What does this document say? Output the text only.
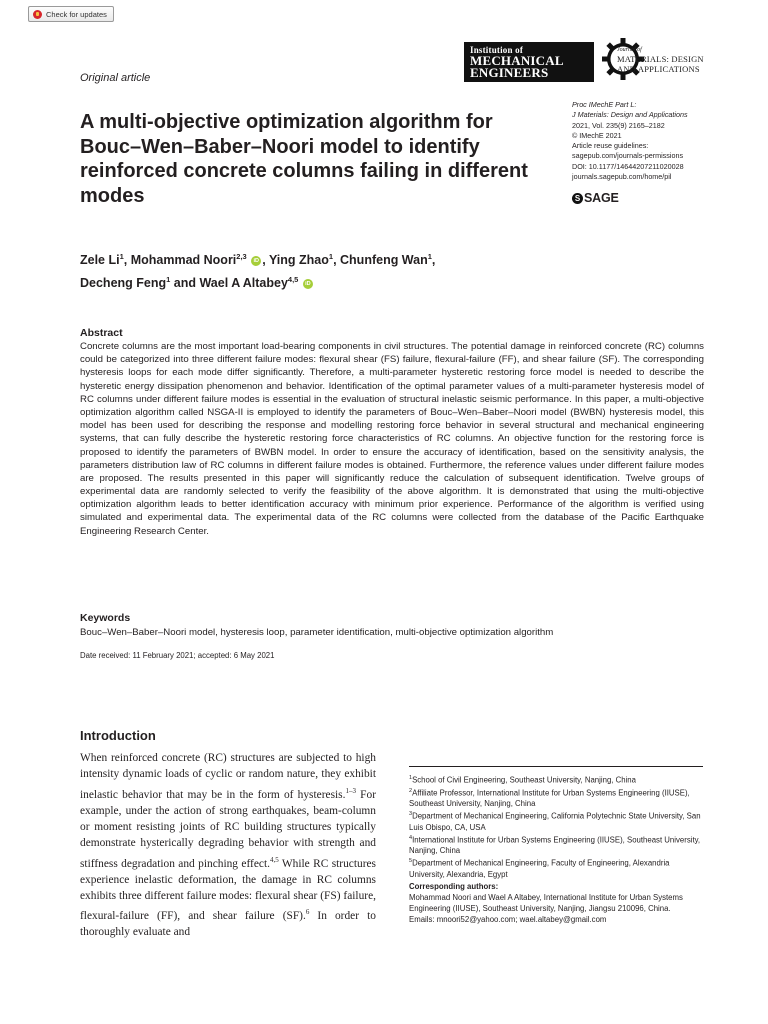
Check for updates
Institution of
MECHANICAL
ENGINEERS
Journal of
MATERIALS: DESIGN
AND APPLICATIONS
Original article
A multi-objective optimization algorithm for Bouc–Wen–Baber–Noori model to identify reinforced concrete columns failing in different modes
Proc IMechE Part L:
J Materials: Design and Applications
2021, Vol. 235(9) 2165–2182
© IMechE 2021
Article reuse guidelines:
sagepub.com/journals-permissions
DOI: 10.1177/14644207211020028
journals.sagepub.com/home/pil
S SAGE
Zele Li$^1$, Mohammad Noori$^{2,3}$ iD , Ying Zhao$^1$, Chunfeng Wan$^1$,
Decheng Feng$^1$ and Wael A Altabey$^{4,5}$ iD
Abstract
Concrete columns are the most important load-bearing components in civil structures. The potential damage in reinforced concrete (RC) columns could be categorized into three different failure modes: flexural shear (FS) failure, flexural-failure (FF), and shear failure (SF). The corresponding hysteresis loops for each mode differ significantly. Therefore, a multi-parameter hysteretic restoring force model is needed to describe the hysteretic energy dissipation phenomenon and behavior. Identification of the optimal parameter values of a multi-parameter hysteresis model of RC columns under different failure modes is essential in the evaluation of structural inelastic seismic performance. In this paper, a multi-objective optimization algorithm called NSGA-II is employed to identify the parameters of Bouc–Wen–Baber–Noori model (BWBN) hysteresis model, this model has been used for describing the response and modelling restoring force behavior in several structural and mechanical engineering systems, that can fully describe the hysteretic restoring force characteristics of RC columns. An objective function for the restoring force is proposed to identify the parameters of BWBN model. In order to ensure the accuracy of identification, based on the sensitivity analysis, the parameters distribution law of RC columns in different failure modes is obtained. Furthermore, the reference values under different failure modes are proposed. The results presented in this paper will significantly reduce the calculation of subsequent identification. Twelve groups of experimental data are randomly selected to verify the feasibility of the above algorithm. It is demonstrated that using the multi-objective optimization algorithm leads to better identification accuracy with minimum prior experience. Performance of the algorithm is verified using simulated and experimental data. The experimental data of the RC columns were collected from the database of the Pacific Earthquake Engineering Research Center.
Keywords
Bouc–Wen–Baber–Noori model, hysteresis loop, parameter identification, multi-objective optimization algorithm
Date received: 11 February 2021; accepted: 6 May 2021
Introduction
When reinforced concrete (RC) structures are subjected to high intensity dynamic loads of cyclic or random nature, they exhibit inelastic behavior that may be in the form of hysteresis.$^{1-3}$ For example, under the action of strong earthquakes, beam-column or moment resisting joints of RC building structures typically demonstrate hysterically degrading behavior with strength and stiffness degradation and pinching effect.$^{4,5}$ While RC structures experience inelastic deformation, the damage in RC columns exhibits three different failure modes: flexural shear (FS) failure, flexural-failure (FF), and shear failure (SF).$^6$ In order to thoroughly evaluate and
$^1$School of Civil Engineering, Southeast University, Nanjing, China
$^2$Affiliate Professor, International Institute for Urban Systems Engineering (IIUSE), Southeast University, Nanjing, China
$^3$Department of Mechanical Engineering, California Polytechnic State University, San Luis Obispo, CA, USA
$^4$International Institute for Urban Systems Engineering (IIUSE), Southeast University, Nanjing, China
$^5$Department of Mechanical Engineering, Faculty of Engineering, Alexandria University, Alexandria, Egypt
Corresponding authors:
Mohammad Noori and Wael A Altabey, International Institute for Urban Systems Engineering (IIUSE), Southeast University, Nanjing, Jiangsu 210096, China.
Emails: mnoori52@yahoo.com; wael.altabey@gmail.com
